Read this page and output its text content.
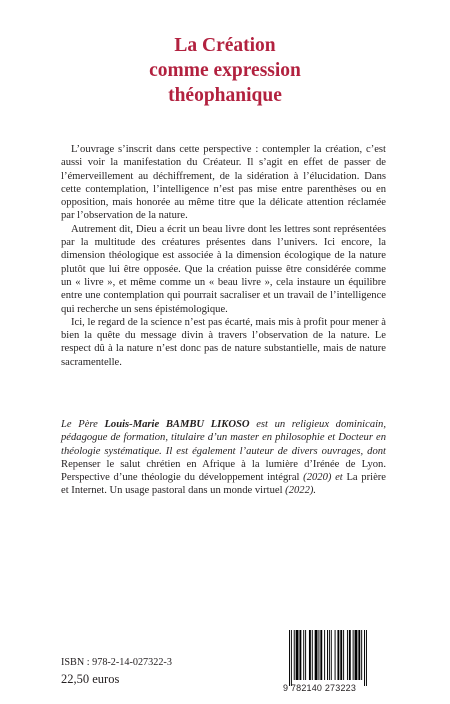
La Création
comme expression
théophanique

L’ouvrage s’inscrit dans cette perspective : contempler la création, c’est aussi voir la manifestation du Créateur. Il s’agit en effet de passer de l’émerveillement au déchiffrement, de la sidération à l’élucidation. Dans cette contemplation, l’intelligence n’est pas mise entre parenthèses ou en opposition, mais honorée au même titre que la délicate attention réclamée par l’observation de la nature.

Autrement dit, Dieu a écrit un beau livre dont les lettres sont représentées par la multitude des créatures présentes dans l’univers. Ici encore, la dimension théologique est associée à la dimension écologique de la nature plutôt que lui être opposée. Que la création puisse être considérée comme un « livre », et même comme un « beau livre », cela instaure un équilibre entre une contemplation qui pourrait sacraliser et un travail de l’intelligence qui recherche un sens épistémologique.

Ici, le regard de la science n’est pas écarté, mais mis à profit pour mener à bien la quête du message divin à travers l’observation de la nature. Le respect dû à la nature n’est donc pas de nature substantielle, mais de nature sacramentelle.

Le Père Louis-Marie BAMBU LIKOSO est un religieux dominicain, pédagogue de formation, titulaire d’un master en philosophie et Docteur en théologie systématique. Il est également l’auteur de divers ouvrages, dont Repenser le salut chrétien en Afrique à la lumière d’Irénée de Lyon. Perspective d’une théologie du développement intégral (2020) et La prière et Internet. Un usage pastoral dans un monde virtuel (2022).

ISBN : 978-2-14-027322-3
22,50 euros
9 782140 273223
